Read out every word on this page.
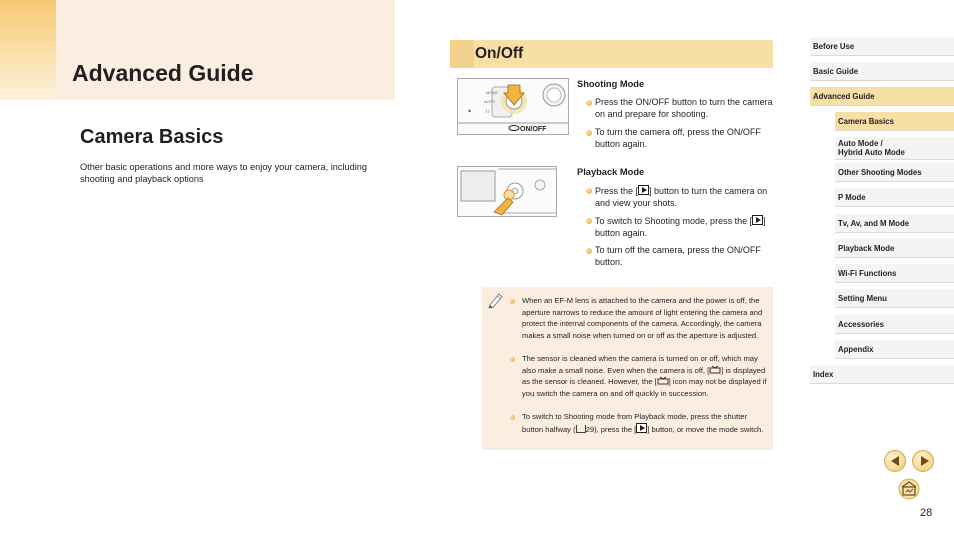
Advanced Guide
Camera Basics
Other basic operations and more ways to enjoy your camera, including shooting and playback options
On/Off
MODE
AUTO
[ ]
◆
ON/OFF
Shooting Mode
Press the ON/OFF button to turn the camera on and prepare for shooting.
To turn the camera off, press the ON/OFF button again.
Playback Mode
Press the [ ] button to turn the camera on and view your shots.
To switch to Shooting mode, press the [ ] button again.
To turn off the camera, press the ON/OFF button.
When an EF-M lens is attached to the camera and the power is off, the aperture narrows to reduce the amount of light entering the camera and protect the internal components of the camera. Accordingly, the camera makes a small noise when turned on or off as the aperture is adjusted.
The sensor is cleaned when the camera is turned on or off, which may also make a small noise. Even when the camera is off, [ ] is displayed as the sensor is cleaned. However, the [ ] icon may not be displayed if you switch the camera on and off quickly in succession.
To switch to Shooting mode from Playback mode, press the shutter button halfway ( 29), press the [ ] button, or move the mode switch.
Before Use
Basic Guide
Advanced Guide
Camera Basics
Auto Mode /
Hybrid Auto Mode
Other Shooting Modes
P Mode
Tv, Av, and M Mode
Playback Mode
Wi-Fi Functions
Setting Menu
Accessories
Appendix
Index
28
